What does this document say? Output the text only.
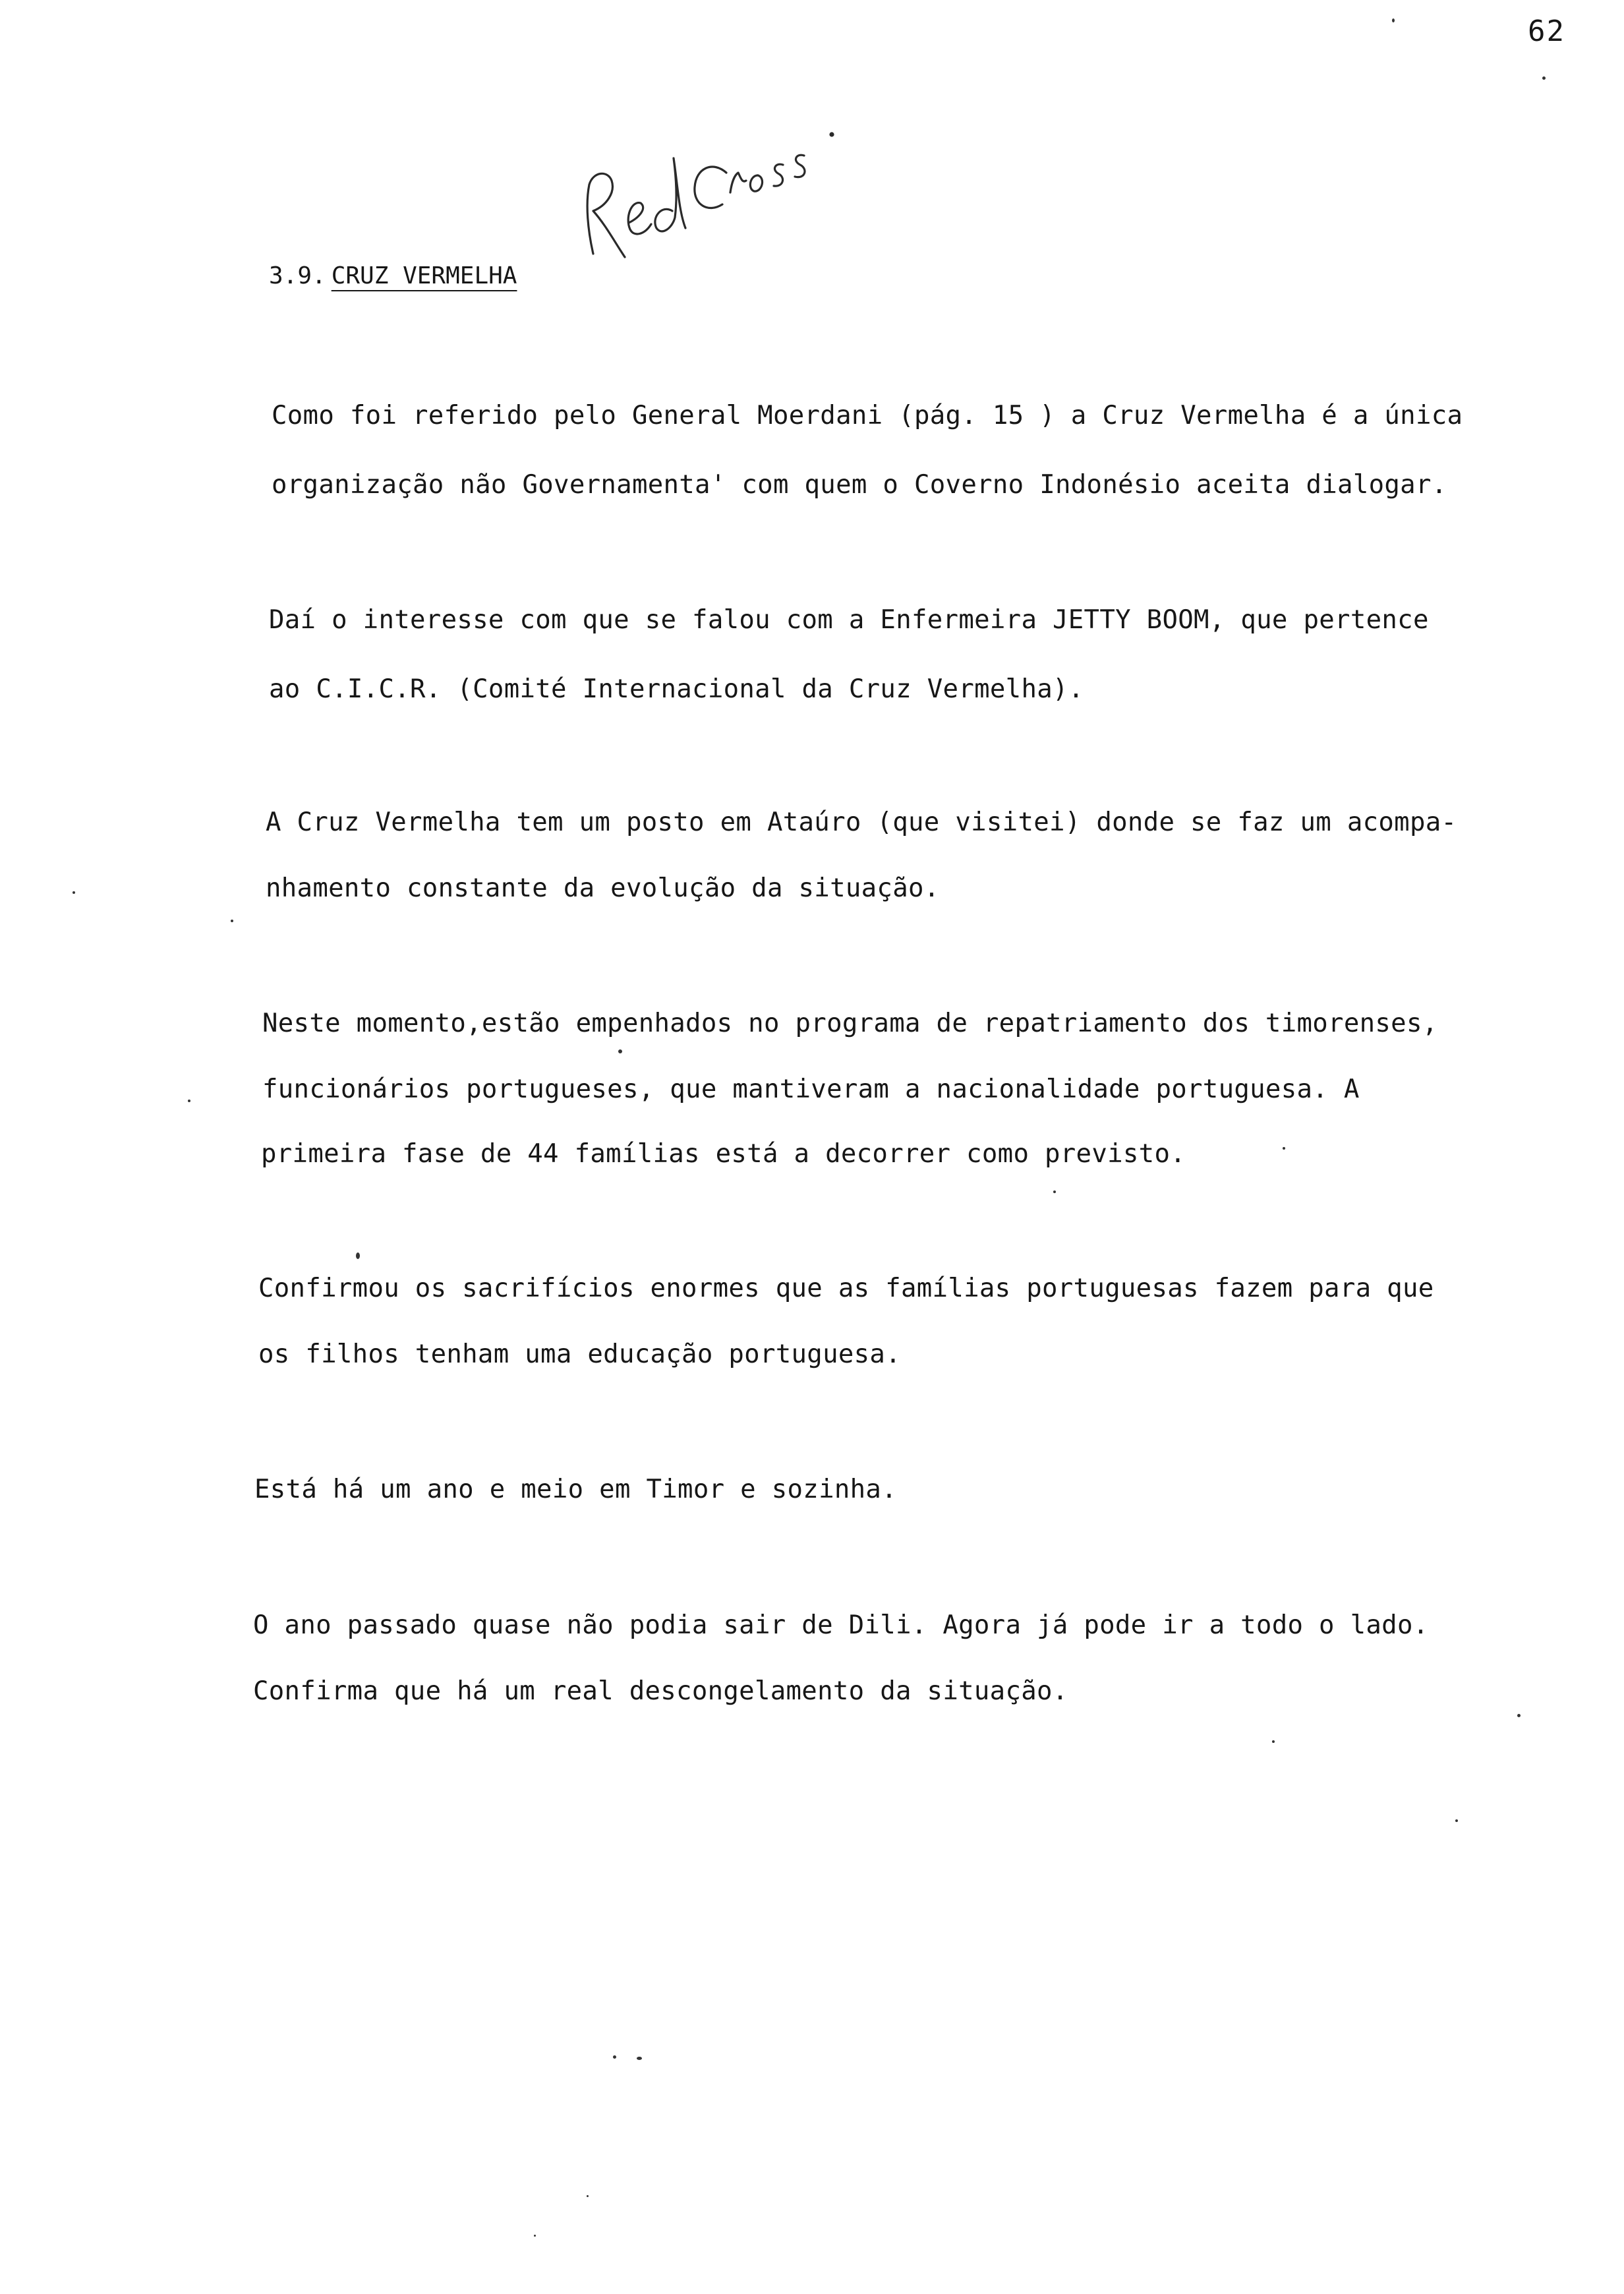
62
3.9. CRUZ VERMELHA
Como foi referido pelo General Moerdani (pág. 15 ) a Cruz Vermelha é a única
organização não Governamenta' com quem o Coverno Indonésio aceita dialogar.
Daí o interesse com que se falou com a Enfermeira JETTY BOOM, que pertence
ao C.I.C.R. (Comité Internacional da Cruz Vermelha).
A Cruz Vermelha tem um posto em Ataúro (que visitei) donde se faz um acompa-
nhamento constante da evolução da situação.
Neste momento,estão empenhados no programa de repatriamento dos timorenses,
funcionários portugueses, que mantiveram a nacionalidade portuguesa. A
primeira fase de 44 famílias está a decorrer como previsto.
Confirmou os sacrifícios enormes que as famílias portuguesas fazem para que
os filhos tenham uma educação portuguesa.
Está há um ano e meio em Timor e sozinha.
O ano passado quase não podia sair de Dili. Agora já pode ir a todo o lado.
Confirma que há um real descongelamento da situação.
